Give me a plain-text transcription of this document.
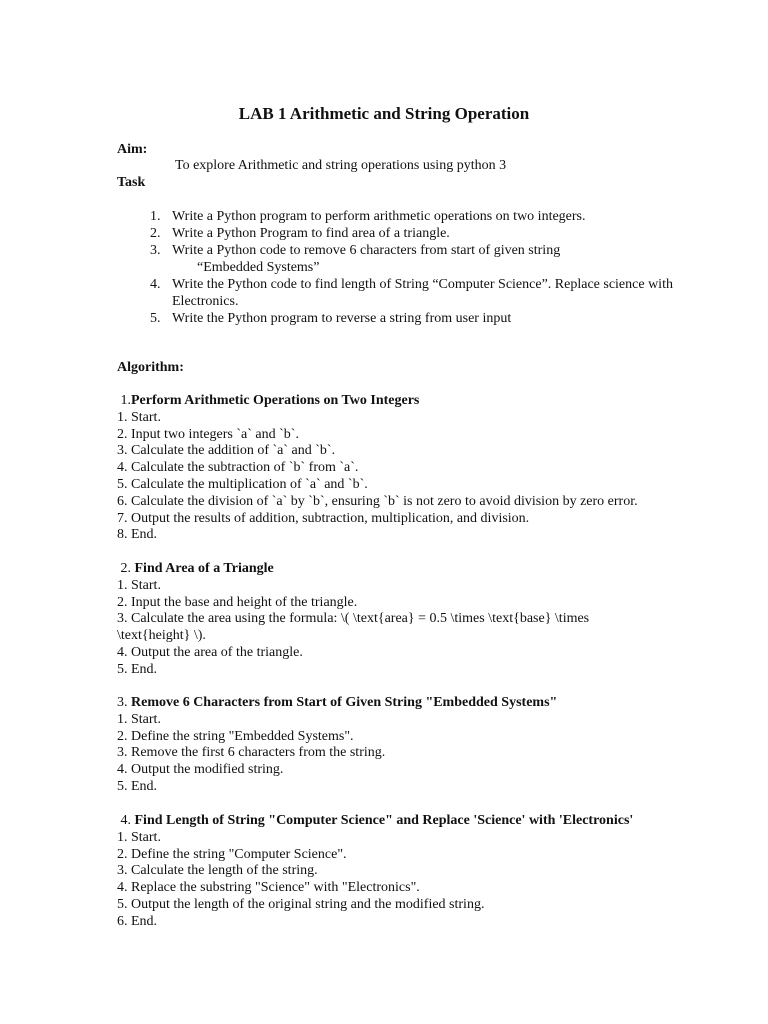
LAB 1 Arithmetic and String Operation
Aim:
To explore Arithmetic and string operations using python 3
Task
1. Write a Python program to perform arithmetic operations on two integers.
2. Write a Python Program to find area of a triangle.
3. Write a Python code to remove 6 characters from start of given string
“Embedded Systems”
4. Write the Python code to find length of String “Computer Science”. Replace science with Electronics.
5. Write the Python program to reverse a string from user input
Algorithm:
1.Perform Arithmetic Operations on Two Integers
1. Start.
2. Input two integers `a` and `b`.
3. Calculate the addition of `a` and `b`.
4. Calculate the subtraction of `b` from `a`.
5. Calculate the multiplication of `a` and `b`.
6. Calculate the division of `a` by `b`, ensuring `b` is not zero to avoid division by zero error.
7. Output the results of addition, subtraction, multiplication, and division.
8. End.
2. Find Area of a Triangle
1. Start.
2. Input the base and height of the triangle.
3. Calculate the area using the formula: \( \text{area} = 0.5 \times \text{base} \times \text{height} \).
4. Output the area of the triangle.
5. End.
3. Remove 6 Characters from Start of Given String "Embedded Systems"
1. Start.
2. Define the string "Embedded Systems".
3. Remove the first 6 characters from the string.
4. Output the modified string.
5. End.
4. Find Length of String "Computer Science" and Replace 'Science' with 'Electronics'
1. Start.
2. Define the string "Computer Science".
3. Calculate the length of the string.
4. Replace the substring "Science" with "Electronics".
5. Output the length of the original string and the modified string.
6. End.
